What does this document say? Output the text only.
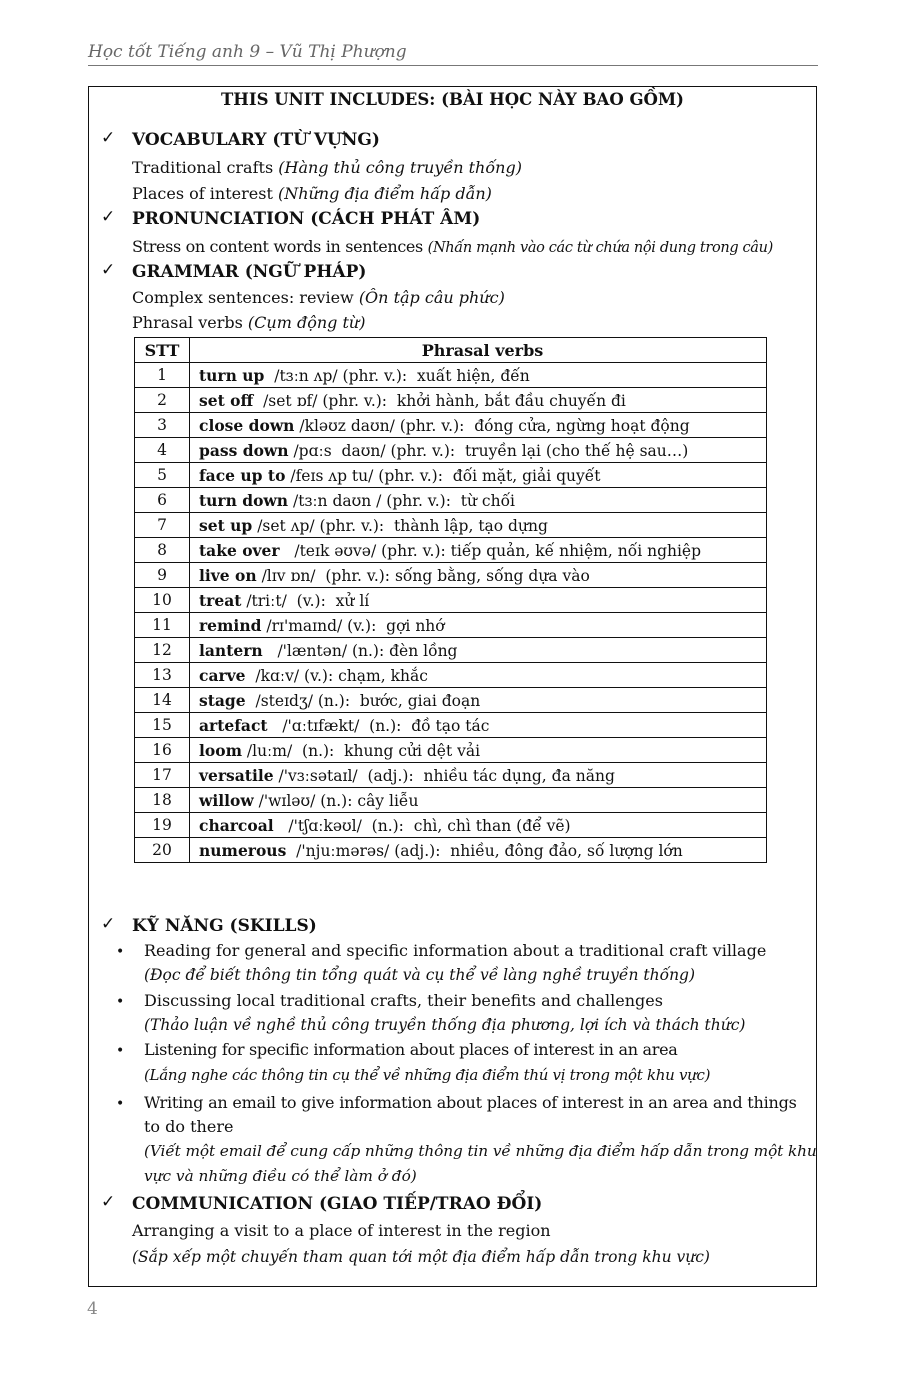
Học tốt Tiếng anh 9 – Vũ Thị Phượng
THIS UNIT INCLUDES: (BÀI HỌC NÀY BAO GỒM)
✓ VOCABULARY (TỪ VỰNG)
Traditional crafts (Hàng thủ công truyền thống)
Places of interest (Những địa điểm hấp dẫn)
✓ PRONUNCIATION (CÁCH PHÁT ÂM)
Stress on content words in sentences (Nhấn mạnh vào các từ chứa nội dung trong câu)
✓ GRAMMAR (NGỮ PHÁP)
Complex sentences: review (Ôn tập câu phức)
Phrasal verbs (Cụm động từ)
STT	Phrasal verbs
1	turn up  /tɜːn ʌp/ (phr. v.):  xuất hiện, đến
2	set off  /set ɒf/ (phr. v.):  khởi hành, bắt đầu chuyến đi
3	close down /kləʊz daʊn/ (phr. v.):  đóng cửa, ngừng hoạt động
4	pass down /pɑːs  daʊn/ (phr. v.):  truyền lại (cho thế hệ sau…)
5	face up to /feɪs ʌp tu/ (phr. v.):  đối mặt, giải quyết
6	turn down /tɜːn daʊn / (phr. v.):  từ chối
7	set up /set ʌp/ (phr. v.):  thành lập, tạo dựng
8	take over   /teɪk əʊvə/ (phr. v.): tiếp quản, kế nhiệm, nối nghiệp
9	live on /lɪv ɒn/  (phr. v.): sống bằng, sống dựa vào
10	treat /triːt/  (v.):  xử lí
11	remind /rɪ'maɪnd/ (v.):  gợi nhớ
12	lantern   /'læntən/ (n.): đèn lồng
13	carve  /kɑːv/ (v.): chạm, khắc
14	stage  /steɪdʒ/ (n.):  bước, giai đoạn
15	artefact   /'ɑːtɪfækt/  (n.):  đồ tạo tác
16	loom /luːm/  (n.):  khung cửi dệt vải
17	versatile /'vɜːsətaɪl/  (adj.):  nhiều tác dụng, đa năng
18	willow /'wɪləʊ/ (n.): cây liễu
19	charcoal   /'tʃɑːkəʊl/  (n.):  chì, chì than (để vẽ)
20	numerous  /'njuːmərəs/ (adj.):  nhiều, đông đảo, số lượng lớn
✓ KỸ NĂNG (SKILLS)
• Reading for general and specific information about a traditional craft village
(Đọc để biết thông tin tổng quát và cụ thể về làng nghề truyền thống)
• Discussing local traditional crafts, their benefits and challenges
(Thảo luận về nghề thủ công truyền thống địa phương, lợi ích và thách thức)
• Listening for specific information about places of interest in an area
(Lắng nghe các thông tin cụ thể về những địa điểm thú vị trong một khu vực)
• Writing an email to give information about places of interest in an area and things
to do there
(Viết một email để cung cấp những thông tin về những địa điểm hấp dẫn trong một khu
vực và những điều có thể làm ở đó)
✓ COMMUNICATION (GIAO TIẾP/TRAO ĐỔI)
Arranging a visit to a place of interest in the region
(Sắp xếp một chuyến tham quan tới một địa điểm hấp dẫn trong khu vực)
4
